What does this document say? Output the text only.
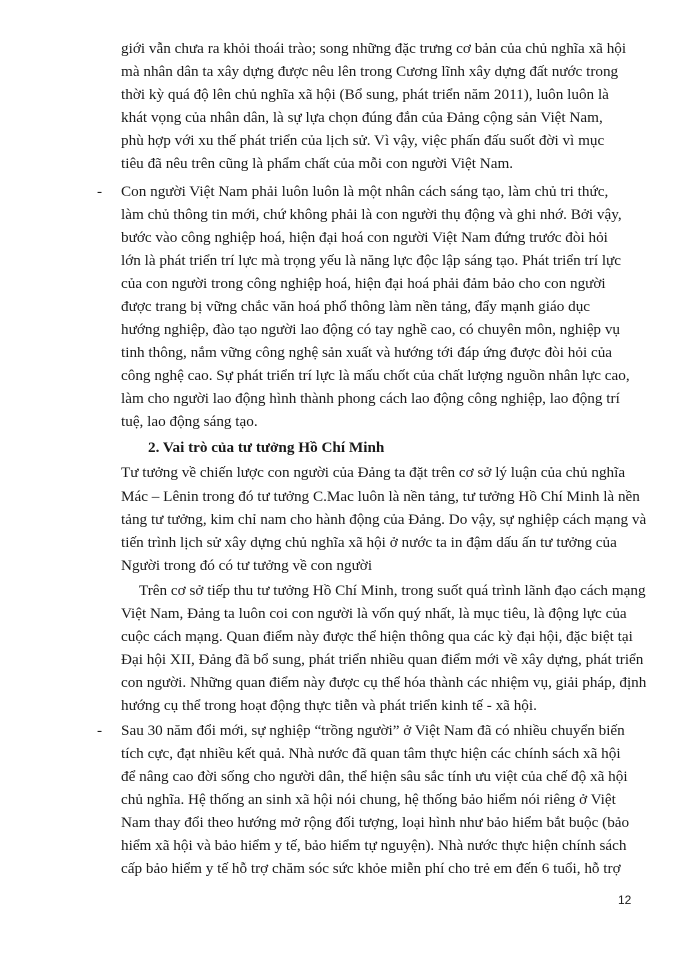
giới vẫn chưa ra khỏi thoái trào; song những đặc trưng cơ bản của chủ nghĩa xã hội
mà nhân dân ta xây dựng được nêu lên trong Cương lĩnh xây dựng đất nước trong
thời kỳ quá độ lên chủ nghĩa xã hội (Bổ sung, phát triển năm 2011), luôn luôn là
khát vọng của nhân dân, là sự lựa chọn đúng đắn của Đảng cộng sản Việt Nam,
phù hợp với xu thế phát triển của lịch sử. Vì vậy, việc phấn đấu suốt đời vì mục
tiêu đã nêu trên cũng là phẩm chất của mỗi con người Việt Nam.
- Con người Việt Nam phải luôn luôn là một nhân cách sáng tạo, làm chủ tri thức,
làm chủ thông tin mới, chứ không phải là con người thụ động và ghi nhớ. Bởi vậy,
bước vào công nghiệp hoá, hiện đại hoá con người Việt Nam đứng trước đòi hỏi
lớn là phát triển trí lực mà trọng yếu là năng lực độc lập sáng tạo. Phát triển trí lực
của con người trong công nghiệp hoá, hiện đại hoá phải đảm bảo cho con người
được trang bị vững chắc văn hoá phổ thông làm nền tảng, đẩy mạnh giáo dục
hướng nghiệp, đào tạo người lao động có tay nghề cao, có chuyên môn, nghiệp vụ
tinh thông, nắm vững công nghệ sản xuất và hướng tới đáp ứng được đòi hỏi của
công nghệ cao. Sự phát triển trí lực là mấu chốt của chất lượng nguồn nhân lực cao,
làm cho người lao động hình thành phong cách lao động công nghiệp, lao động trí
tuệ, lao động sáng tạo.
2. Vai trò của tư tưởng Hồ Chí Minh
Tư tưởng về chiến lược con người của Đảng ta đặt trên cơ sở lý luận của chủ nghĩa
Mác – Lênin trong đó tư tưởng C.Mac luôn là nền tảng, tư tưởng Hồ Chí Minh là nền
tảng tư tưởng, kim chỉ nam cho hành động của Đảng. Do vậy, sự nghiệp cách mạng và
tiến trình lịch sử xây dựng chủ nghĩa xã hội ở nước ta in đậm dấu ấn tư tưởng của
Người trong đó có tư tưởng về con người
Trên cơ sở tiếp thu tư tưởng Hồ Chí Minh, trong suốt quá trình lãnh đạo cách mạng
Việt Nam, Đảng ta luôn coi con người là vốn quý nhất, là mục tiêu, là động lực của
cuộc cách mạng. Quan điểm này được thể hiện thông qua các kỳ đại hội, đặc biệt tại
Đại hội XII, Đảng đã bổ sung, phát triển nhiều quan điểm mới về xây dựng, phát triển
con người. Những quan điểm này được cụ thể hóa thành các nhiệm vụ, giải pháp, định
hướng cụ thể trong hoạt động thực tiễn và phát triển kinh tế - xã hội.
- Sau 30 năm đổi mới, sự nghiệp “trồng người” ở Việt Nam đã có nhiều chuyển biến
tích cực, đạt nhiều kết quả. Nhà nước đã quan tâm thực hiện các chính sách xã hội
để nâng cao đời sống cho người dân, thể hiện sâu sắc tính ưu việt của chế độ xã hội
chủ nghĩa. Hệ thống an sinh xã hội nói chung, hệ thống bảo hiểm nói riêng ở Việt
Nam thay đổi theo hướng mở rộng đối tượng, loại hình như bảo hiểm bắt buộc (bảo
hiểm xã hội và bảo hiểm y tế, bảo hiểm tự nguyện). Nhà nước thực hiện chính sách
cấp bảo hiểm y tế hỗ trợ chăm sóc sức khỏe miễn phí cho trẻ em đến 6 tuổi, hỗ trợ
12
